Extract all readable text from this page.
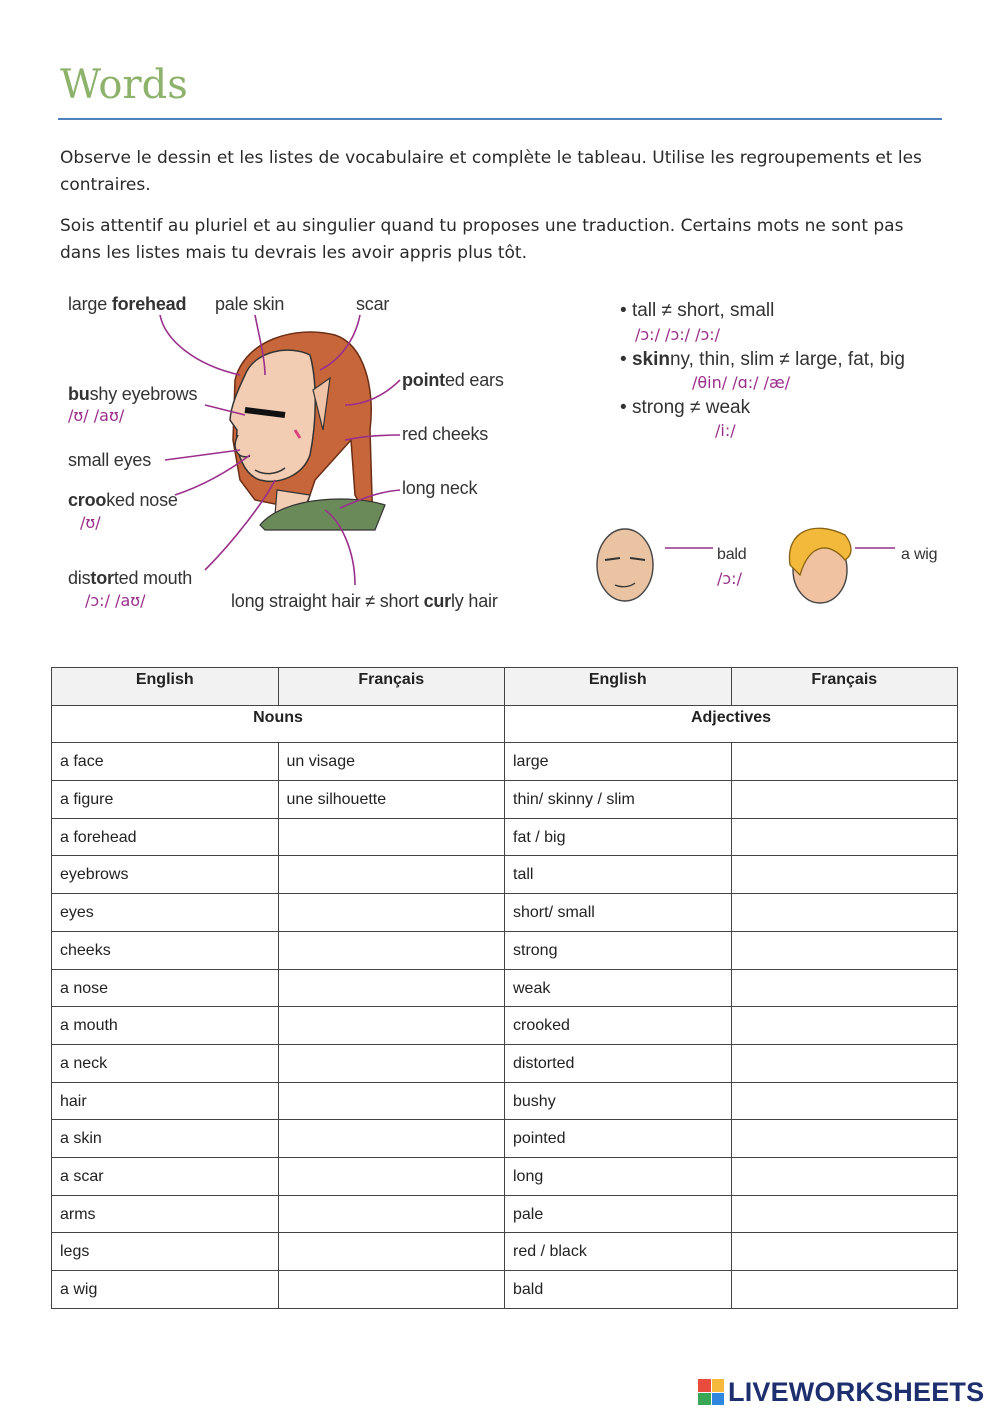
Words
Observe le dessin et les listes de vocabulaire et complète le tableau. Utilise les regroupements et les contraires.
Sois attentif au pluriel et au singulier quand tu proposes une traduction. Certains mots ne sont pas dans les listes mais tu devrais les avoir appris plus tôt.
large forehead pale skin	scar
pointed ears
bushy eyebrows
/ʊ/ /aʊ/
red cheeks
small eyes
crooked nose
/ʊ/
long neck
distorted mouth
/ɔ:/ /aʊ/	long straight hair ≠ short curly hair
• tall ≠ short, small
/ɔ:/ /ɔ:/ /ɔ:/
• skinny, thin, slim ≠ large, fat, big
/θin/ /ɑ:/ /æ/
• strong ≠ weak
/i:/
bald
/ɔ:/
a wig
English	Français	English	Français
Nouns		Adjectives	
a face	un visage	large	
a figure	une silhouette	thin/ skinny / slim	
a forehead		fat / big	
eyebrows		tall	
eyes		short/ small	
cheeks		strong	
a nose		weak	
a mouth		crooked	
a neck		distorted	
hair		bushy	
a skin		pointed	
a scar		long	
arms		pale	
legs		red / black	
a wig		bald	
LIVEWORKSHEETS
